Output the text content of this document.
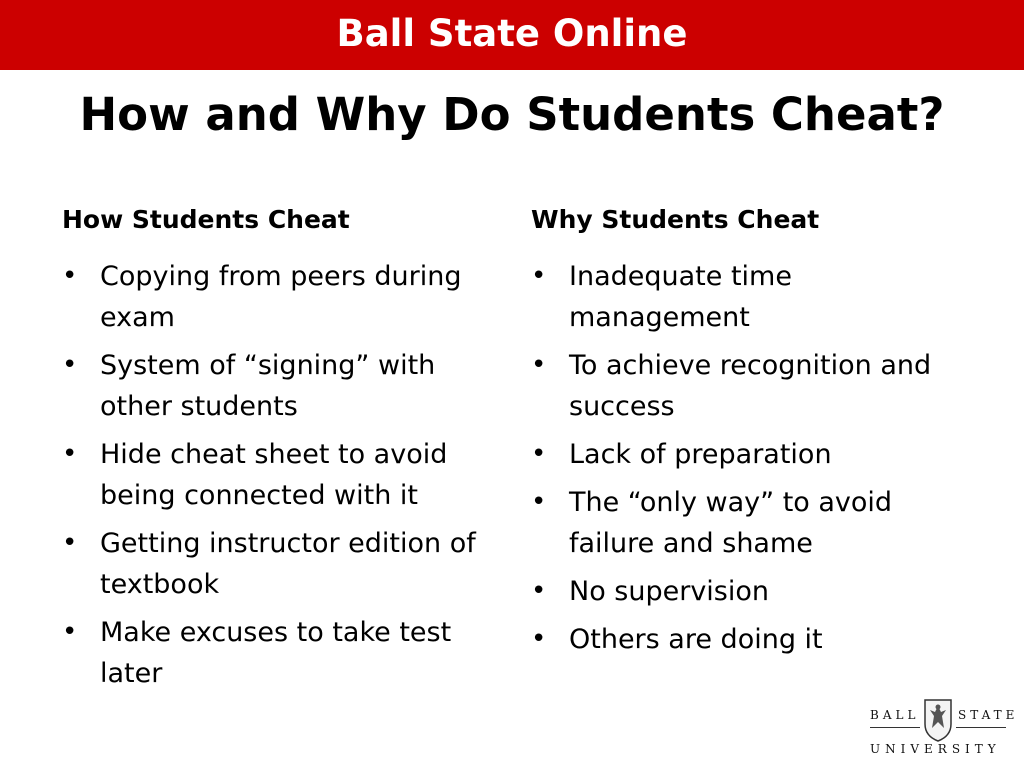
Ball State Online
How and Why Do Students Cheat?
How Students Cheat
• Copying from peers during exam
• System of “signing” with other students
• Hide cheat sheet to avoid being connected with it
• Getting instructor edition of textbook
• Make excuses to take test later
Why Students Cheat
• Inadequate time management
• To achieve recognition and success
• Lack of preparation
• The “only way” to avoid failure and shame
• No supervision
• Others are doing it
BALL	STATE
UNIVERSITY
